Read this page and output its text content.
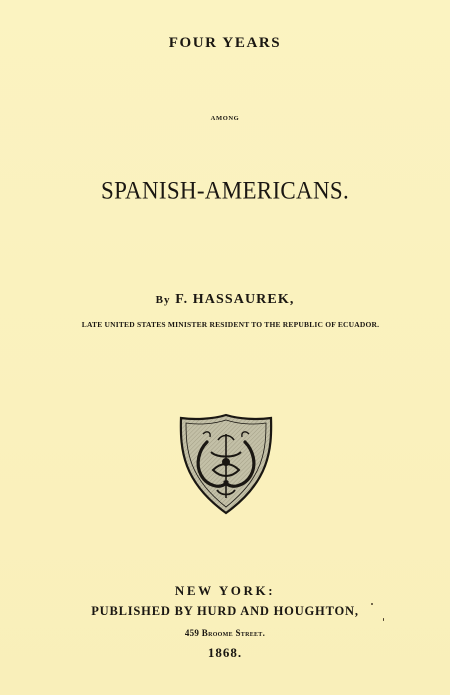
FOUR YEARS
AMONG
SPANISH-AMERICANS.
By F. HASSAUREK,
LATE UNITED STATES MINISTER RESIDENT TO THE REPUBLIC OF ECUADOR.
NEW YORK:
PUBLISHED BY HURD AND HOUGHTON,
459 Broome Street.
1868.
